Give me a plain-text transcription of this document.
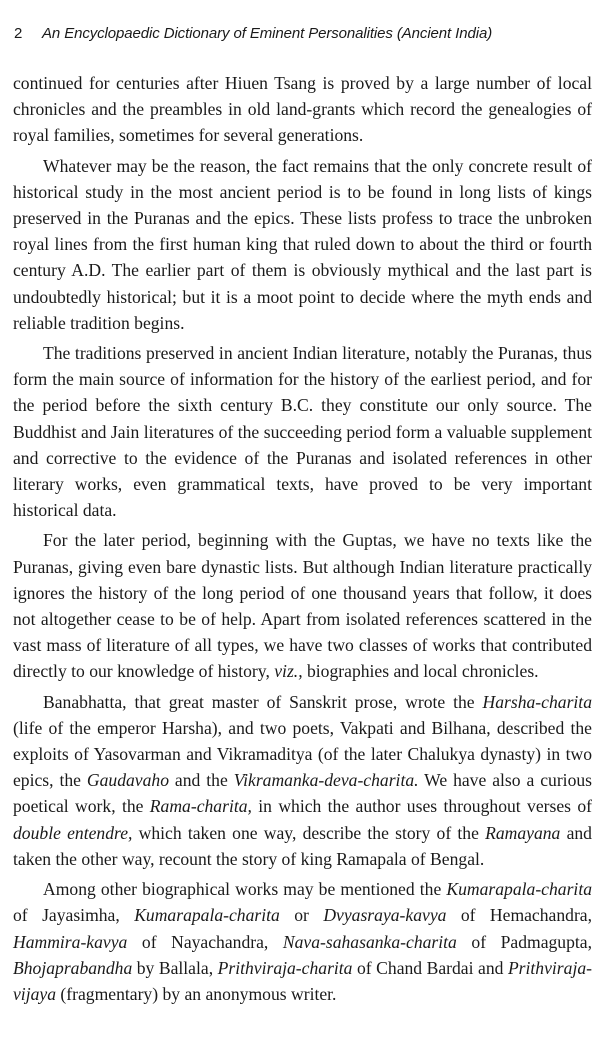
2	An Encyclopaedic Dictionary of Eminent Personalities (Ancient India)

continued for centuries after Hiuen Tsang is proved by a large number of local chronicles and the preambles in old land-grants which record the genealogies of royal families, sometimes for several generations.

Whatever may be the reason, the fact remains that the only concrete result of historical study in the most ancient period is to be found in long lists of kings preserved in the Puranas and the epics. These lists profess to trace the unbroken royal lines from the first human king that ruled down to about the third or fourth century A.D. The earlier part of them is obviously mythical and the last part is undoubtedly historical; but it is a moot point to decide where the myth ends and reliable tradition begins.

The traditions preserved in ancient Indian literature, notably the Puranas, thus form the main source of information for the history of the earliest period, and for the period before the sixth century B.C. they constitute our only source. The Buddhist and Jain literatures of the succeeding period form a valuable supplement and corrective to the evidence of the Puranas and isolated references in other literary works, even grammatical texts, have proved to be very important historical data.

For the later period, beginning with the Guptas, we have no texts like the Puranas, giving even bare dynastic lists. But although Indian literature practically ignores the history of the long period of one thousand years that follow, it does not altogether cease to be of help. Apart from isolated references scattered in the vast mass of literature of all types, we have two classes of works that contributed directly to our knowledge of history, viz., biographies and local chronicles.

Banabhatta, that great master of Sanskrit prose, wrote the Harsha-charita (life of the emperor Harsha), and two poets, Vakpati and Bilhana, described the exploits of Yasovarman and Vikramaditya (of the later Chalukya dynasty) in two epics, the Gaudavaho and the Vikramanka-deva-charita. We have also a curious poetical work, the Rama-charita, in which the author uses throughout verses of double entendre, which taken one way, describe the story of the Ramayana and taken the other way, recount the story of king Ramapala of Bengal.

Among other biographical works may be mentioned the Kumarapala-charita of Jayasimha, Kumarapala-charita or Dvyasraya-kavya of Hemachandra, Hammira-kavya of Nayachandra, Nava-sahasanka-charita of Padmagupta, Bhojaprabandha by Ballala, Prithviraja-charita of Chand Bardai and Prithviraja-vijaya (fragmentary) by an anonymous writer.
